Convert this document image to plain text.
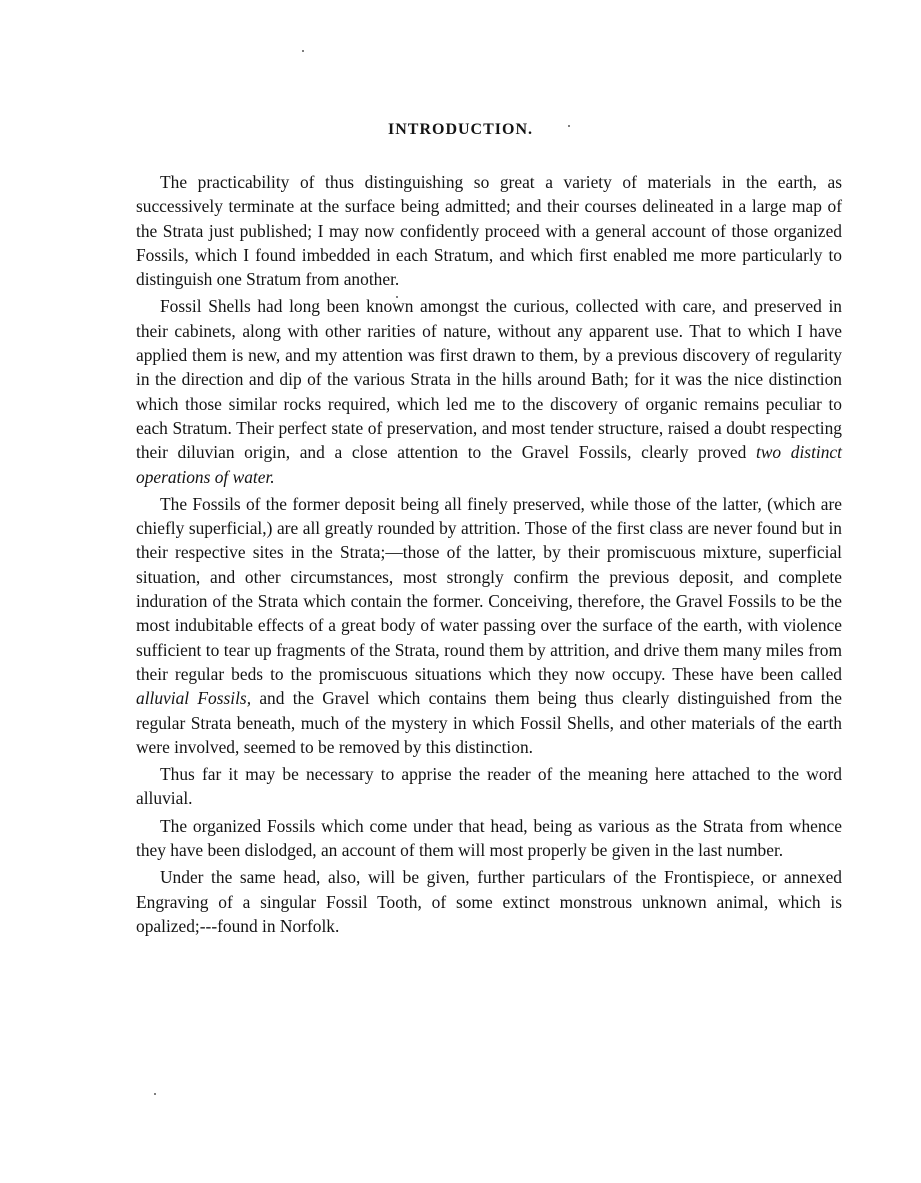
INTRODUCTION.

The practicability of thus distinguishing so great a variety of materials in the earth, as successively terminate at the surface being admitted; and their courses delineated in a large map of the Strata just published; I may now confidently proceed with a general account of those organized Fossils, which I found imbedded in each Stratum, and which first enabled me more particularly to distinguish one Stratum from another.

Fossil Shells had long been known amongst the curious, collected with care, and preserved in their cabinets, along with other rarities of nature, without any apparent use. That to which I have applied them is new, and my attention was first drawn to them, by a previous discovery of regularity in the direction and dip of the various Strata in the hills around Bath; for it was the nice distinction which those similar rocks required, which led me to the discovery of organic remains peculiar to each Stratum. Their perfect state of preservation, and most tender structure, raised a doubt respecting their diluvian origin, and a close attention to the Gravel Fossils, clearly proved two distinct operations of water.

The Fossils of the former deposit being all finely preserved, while those of the latter, (which are chiefly superficial,) are all greatly rounded by attrition. Those of the first class are never found but in their respective sites in the Strata;—those of the latter, by their promiscuous mixture, superficial situation, and other circumstances, most strongly confirm the previous deposit, and complete induration of the Strata which contain the former. Conceiving, therefore, the Gravel Fossils to be the most indubitable effects of a great body of water passing over the surface of the earth, with violence sufficient to tear up fragments of the Strata, round them by attrition, and drive them many miles from their regular beds to the promiscuous situations which they now occupy. These have been called alluvial Fossils, and the Gravel which contains them being thus clearly distinguished from the regular Strata beneath, much of the mystery in which Fossil Shells, and other materials of the earth were involved, seemed to be removed by this distinction.

Thus far it may be necessary to apprise the reader of the meaning here attached to the word alluvial.

The organized Fossils which come under that head, being as various as the Strata from whence they have been dislodged, an account of them will most properly be given in the last number.

Under the same head, also, will be given, further particulars of the Frontispiece, or annexed Engraving of a singular Fossil Tooth, of some extinct monstrous unknown animal, which is opalized;---found in Norfolk.
